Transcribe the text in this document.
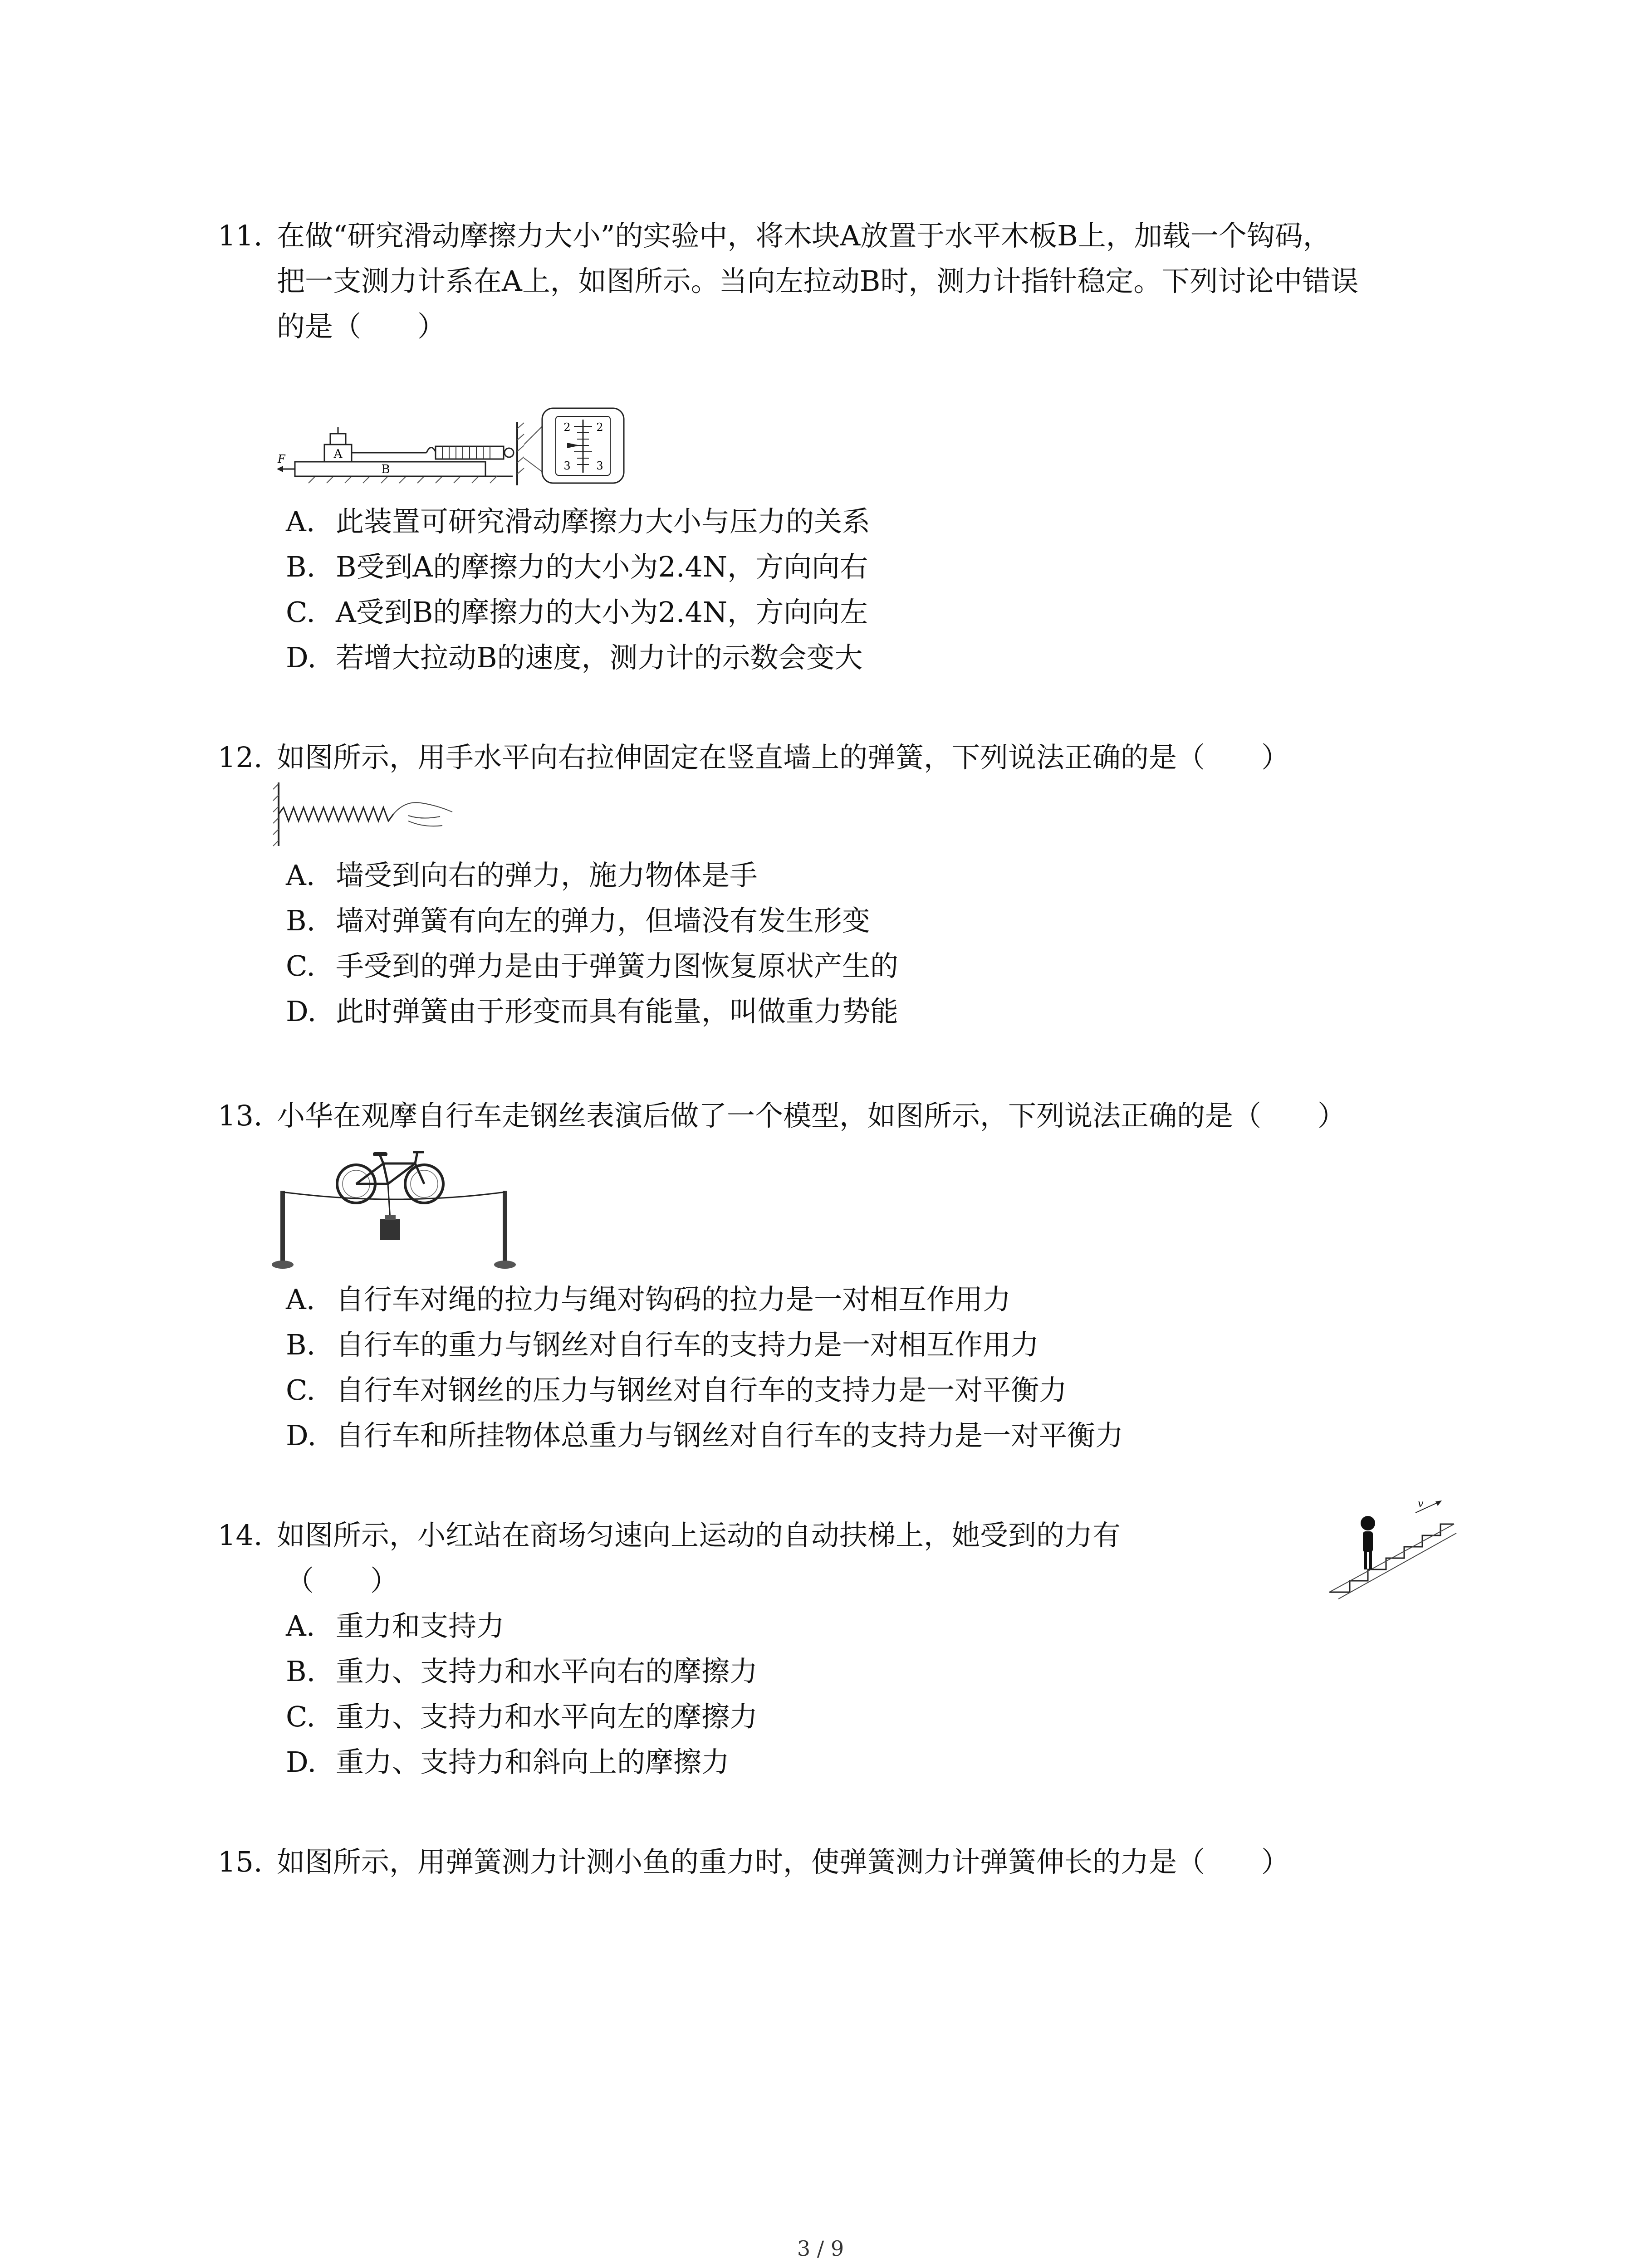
11. 在做“研究滑动摩擦力大小”的实验中，将木块A放置于水平木板B上，加载一个钩码，
把一支测力计系在A上，如图所示。当向左拉动B时，测力计指针稳定。下列讨论中错误
的是（　　）
B
A
F
2 2
3 3
A. 此装置可研究滑动摩擦力大小与压力的关系
B. B受到A的摩擦力的大小为2.4N，方向向右
C. A受到B的摩擦力的大小为2.4N，方向向左
D. 若增大拉动B的速度，测力计的示数会变大
12. 如图所示，用手水平向右拉伸固定在竖直墙上的弹簧，下列说法正确的是（　　）
A. 墙受到向右的弹力，施力物体是手
B. 墙对弹簧有向左的弹力，但墙没有发生形变
C. 手受到的弹力是由于弹簧力图恢复原状产生的
D. 此时弹簧由于形变而具有能量，叫做重力势能
13. 小华在观摩自行车走钢丝表演后做了一个模型，如图所示，下列说法正确的是（　　）
A. 自行车对绳的拉力与绳对钩码的拉力是一对相互作用力
B. 自行车的重力与钢丝对自行车的支持力是一对相互作用力
C. 自行车对钢丝的压力与钢丝对自行车的支持力是一对平衡力
D. 自行车和所挂物体总重力与钢丝对自行车的支持力是一对平衡力
14. 如图所示，小红站在商场匀速向上运动的自动扶梯上，她受到的力有
（　　）
v
A. 重力和支持力
B. 重力、支持力和水平向右的摩擦力
C. 重力、支持力和水平向左的摩擦力
D. 重力、支持力和斜向上的摩擦力
15. 如图所示，用弹簧测力计测小鱼的重力时，使弹簧测力计弹簧伸长的力是（　　）
3 / 9
